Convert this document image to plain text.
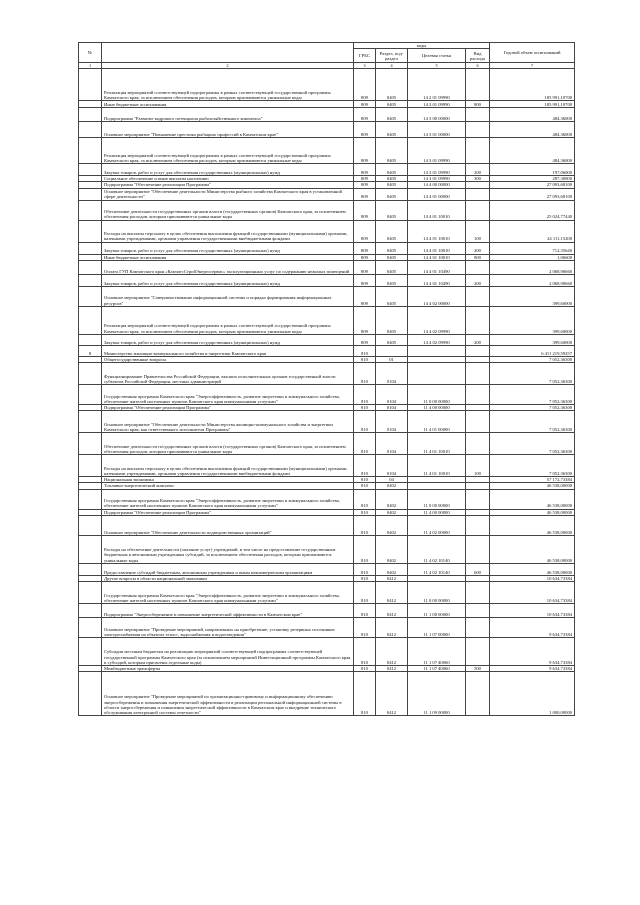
№		коды				Годовой объем ассигнований
		ГРБС	Раздел, под-раздел	Целевая статья	Вид расхода	
1	2	3	4	5	6	7
	Реализация мероприятий соответствующей подпрограммы в рамках соответствующей государственной программы Камчатского края, за исключением обеспечения расходов, которым присваиваются уникальные коды	809	0405	14 2 01 09990		185 991,10700
	Иные бюджетные ассигнования	809	0405	14 2 01 09990	800	185 991,10700
	Подпрограмма "Развитие кадрового потенциала рыбохозяйственного комплекса"	809	0405	14 3 00 00000		484,36000
	Основное мероприятие "Повышение престижа рыбацких профессий в Камчатском крае"	809	0405	14 3 01 00000		484,36000
	Реализация мероприятий соответствующей подпрограммы в рамках соответствующей государственной программы Камчатского края, за исключением обеспечения расходов, которым присваиваются уникальные коды	809	0405	14 3 01 09990		484,36000
	Закупка товаров, работ и услуг для обеспечения государственных (муниципальных) нужд	809	0405	14 3 01 09990	200	197,06000
	Социальное обеспечение и иные выплаты населению	809	0405	14 3 01 09990	300	287,30000
	Подпрограмма "Обеспечение реализации Программы"	809	0405	14 4 00 00000		27 093,68100
	Основное мероприятие "Обеспечение деятельности Министерства рыбного хозяйства Камчатского края в установленной сфере деятельности"	809	0405	14 4 01 00000		27 093,68100
	Обеспечение деятельности государственных органов власти (государственных органов) Камчатского края, за исключением обеспечения расходов, которым присваиваются уникальные коды	809	0405	14 4 01 10010		25 024,77440
	Расходы на выплаты персоналу в целях обеспечения выполнения функций государственными (муниципальными) органами, казенными учреждениями, органами управления государственными внебюджетными фондами	809	0405	14 4 01 10010	100	24 111,15200
	Закупка товаров, работ и услуг для обеспечения государственных (муниципальных) нужд	809	0405	14 4 01 10010	200	712,35640
	Иные бюджетные ассигнования	809	0405	14 4 01 10010	800	1,06600
	Оплата ГУП Камчатского края «КамчатсСтройЭнергосервис» эксплуатационных услуг по содержанию нежилых помещений	809	0405	14 4 01 10490		2 068,90660
	Закупка товаров, работ и услуг для обеспечения государственных (муниципальных) нужд	809	0405	14 4 01 10490	200	2 068,90660
	Основное мероприятие "Совершенствование информационной системы и порядка формирования информационных ресурсов"	809	0405	14 4 02 00000		399,60000
	Реализация мероприятий соответствующей подпрограммы в рамках соответствующей государственной программы Камчатского края, за исключением обеспечения расходов, которым присваиваются уникальные коды	809	0405	14 4 02 09990		399,60000
	Закупка товаров, работ и услуг для обеспечения государственных (муниципальных) нужд	809	0405	14 4 02 09990	200	399,60000
8	Министерство жилищно-коммунального хозяйства и энергетики Камчатского края	810				6 411 219,59257
	Общегосударственные вопросы	810	01			7 052,36300
	Функционирование Правительства Российской Федерации, высших исполнительных органов государственной власти субъектов Российской Федерации, местных администраций	810	0104			7 052,36300
	Государственная программа Камчатского края "Энергоэффективность, развитие энергетики и коммунального хозяйства, обеспечение жителей населенных пунктов Камчатского края коммунальными услугами"	810	0104	11 0 00 00000		7 052,36300
	Подпрограмма "Обеспечение реализации Программы"	810	0104	11 4 00 00000		7 052,36300
	Основное мероприятие "Обеспечение деятельности Министерства жилищно-коммунального хозяйства и энергетики Камчатского края, как ответственного исполнителя Программы"	810	0104	11 4 01 00000		7 052,36300
	Обеспечение деятельности государственных органов власти (государственных органов) Камчатского края, за исключением обеспечения расходов, которым присваиваются уникальные коды	810	0104	11 4 01 10010		7 052,36300
	Расходы на выплаты персоналу в целях обеспечения выполнения функций государственными (муниципальными) органами, казенными учреждениями, органами управления государственными внебюджетными фондами	810	0104	11 4 01 10010	100	7 052,36300
	Национальная экономика	810	04			57 172,73384
	Топливно-энергетический комплекс	810	0402			46 538,00000
	Государственная программа Камчатского края "Энергоэффективность, развитие энергетики и коммунального хозяйства, обеспечение жителей населенных пунктов Камчатского края коммунальными услугами"	810	0402	11 0 00 00000		46 538,00000
	Подпрограмма "Обеспечение реализации Программы"	810	0402	11 4 00 00000		46 538,00000
	Основное мероприятие "Обеспечение деятельности подведомственных организаций"	810	0402	11 4 02 00000		46 538,00000
	Расходы на обеспечение деятельности (оказание услуг) учреждений, в том числе на предоставление государственным бюджетным и автономным учреждениям субсидий, за исключением обеспечения расходов, которым присваиваются уникальные коды	810	0402	11 4 02 10140		46 538,00000
	Предоставление субсидий бюджетным, автономным учреждениям и иным некоммерческим организациям	810	0402	11 4 02 10140	600	46 538,00000
	Другие вопросы в области национальной экономики	810	0412			10 634,73384
	Государственная программа Камчатского края "Энергоэффективность, развитие энергетики и коммунального хозяйства, обеспечение жителей населенных пунктов Камчатского края коммунальными услугами"	810	0412	11 0 00 00000		10 634,73384
	Подпрограмма "Энергосбережение и повышение энергетической эффективности в Камчатском крае"	810	0412	11 1 00 00000		10 634,73384
	Основное мероприятие "Проведение мероприятий, направленных на приобретение, установку резервных источников электроснабжения на объектах тепло-, водоснабжения и водоотведения"	810	0412	11 1 07 00000		9 634,73384
	Субсидии местным бюджетам на реализацию мероприятий соответствующей подпрограммы соответствующей государственной программы Камчатского края (за исключением мероприятий Инвестиционной программы Камчатского края и субсидий, которым присвоены отдельные коды)	810	0412	11 1 07 40060		9 634,73384
	Межбюджетные трансферты	810	0412	11 1 07 40060	500	9 634,73384
	Основное мероприятие "Проведение мероприятий по организационно-правовому и информационному обеспечению энергосбережения и повышения энергетической эффективности в реализации региональной информационной системы в области энергосбережения и повышения энергетической эффективности в Камчатском крае и внедрение технического обслуживания электронной системы отчетности"	810	0412	11 1 09 00000		1 000,00000
